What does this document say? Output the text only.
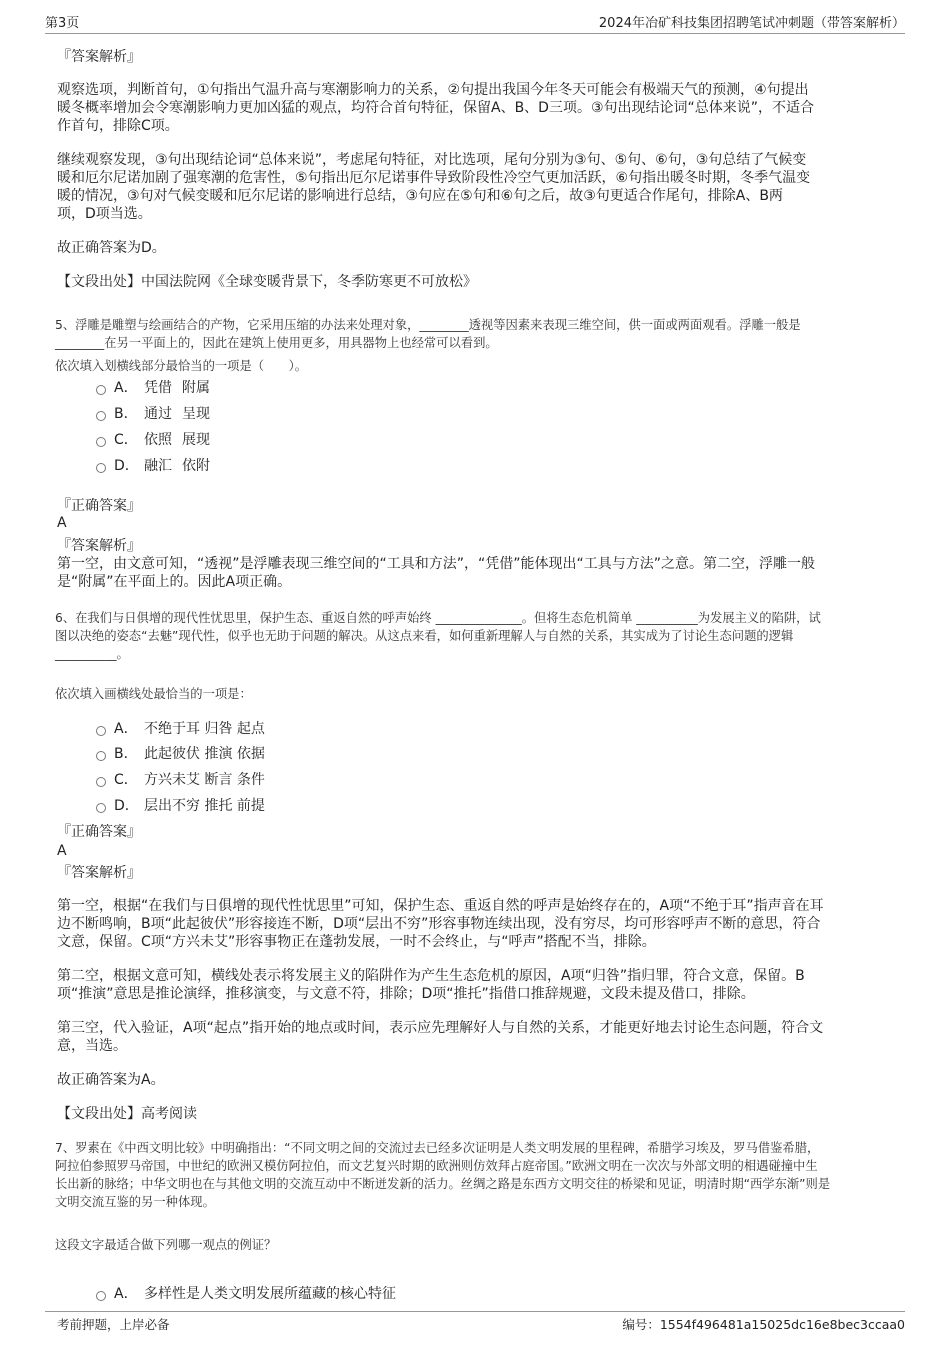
第3页	2024年冶矿科技集团招聘笔试冲刺题（带答案解析）
『答案解析』
观察选项，判断首句，①句指出气温升高与寒潮影响力的关系，②句提出我国今年冬天可能会有极端天气的预测，④句提出
暖冬概率增加会令寒潮影响力更加凶猛的观点，均符合首句特征，保留A、B、D三项。③句出现结论词“总体来说”，不适合
作首句，排除C项。
继续观察发现，③句出现结论词“总体来说”，考虑尾句特征，对比选项，尾句分别为③句、⑤句、⑥句，③句总结了气候变
暖和厄尔尼诺加剧了强寒潮的危害性，⑤句指出厄尔尼诺事件导致阶段性冷空气更加活跃，⑥句指出暖冬时期，冬季气温变
暖的情况，③句对气候变暖和厄尔尼诺的影响进行总结，③句应在⑤句和⑥句之后，故③句更适合作尾句，排除A、B两
项，D项当选。
故正确答案为D。
【文段出处】中国法院网《全球变暖背景下，冬季防寒更不可放松》
5、浮雕是雕塑与绘画结合的产物，它采用压缩的办法来处理对象，________透视等因素来表现三维空间，供一面或两面观看。浮雕一般是
________在另一平面上的，因此在建筑上使用更多，用具器物上也经常可以看到。
依次填入划横线部分最恰当的一项是（　　）。
A． 凭借 附属
B． 通过 呈现
C． 依照 展现
D． 融汇 依附
『正确答案』
A
『答案解析』
第一空，由文意可知，“透视”是浮雕表现三维空间的“工具和方法”，“凭借”能体现出“工具与方法”之意。第二空，浮雕一般
是“附属”在平面上的。因此A项正确。
6、在我们与日俱增的现代性忧思里，保护生态、重返自然的呼声始终 ______________。但将生态危机简单 __________为发展主义的陷阱，试
图以决绝的姿态“去魅”现代性，似乎也无助于问题的解决。从这点来看，如何重新理解人与自然的关系，其实成为了讨论生态问题的逻辑
__________。
依次填入画横线处最恰当的一项是：
A． 不绝于耳 归咎 起点
B． 此起彼伏 推演 依据
C． 方兴未艾 断言 条件
D． 层出不穷 推托 前提
『正确答案』
A
『答案解析』
第一空，根据“在我们与日俱增的现代性忧思里”可知，保护生态、重返自然的呼声是始终存在的，A项“不绝于耳”指声音在耳
边不断鸣响，B项“此起彼伏”形容接连不断，D项“层出不穷”形容事物连续出现，没有穷尽，均可形容呼声不断的意思，符合
文意，保留。C项“方兴未艾”形容事物正在蓬勃发展，一时不会终止，与“呼声”搭配不当，排除。
第二空，根据文意可知，横线处表示将发展主义的陷阱作为产生生态危机的原因，A项“归咎”指归罪，符合文意，保留。B
项“推演”意思是推论演绎，推移演变，与文意不符，排除；D项“推托”指借口推辞规避，文段未提及借口，排除。
第三空，代入验证，A项“起点”指开始的地点或时间，表示应先理解好人与自然的关系，才能更好地去讨论生态问题，符合文
意，当选。
故正确答案为A。
【文段出处】高考阅读
7、罗素在《中西文明比较》中明确指出：“不同文明之间的交流过去已经多次证明是人类文明发展的里程碑，希腊学习埃及，罗马借鉴希腊，
阿拉伯参照罗马帝国，中世纪的欧洲又模仿阿拉伯，而文艺复兴时期的欧洲则仿效拜占庭帝国。”欧洲文明在一次次与外部文明的相遇碰撞中生
长出新的脉络；中华文明也在与其他文明的交流互动中不断迸发新的活力。丝绸之路是东西方文明交往的桥梁和见证，明清时期“西学东渐”则是
文明交流互鉴的另一种体现。
这段文字最适合做下列哪一观点的例证？
A． 多样性是人类文明发展所蕴藏的核心特征
考前押题，上岸必备	编号：1554f496481a15025dc16e8bec3ccaa0
